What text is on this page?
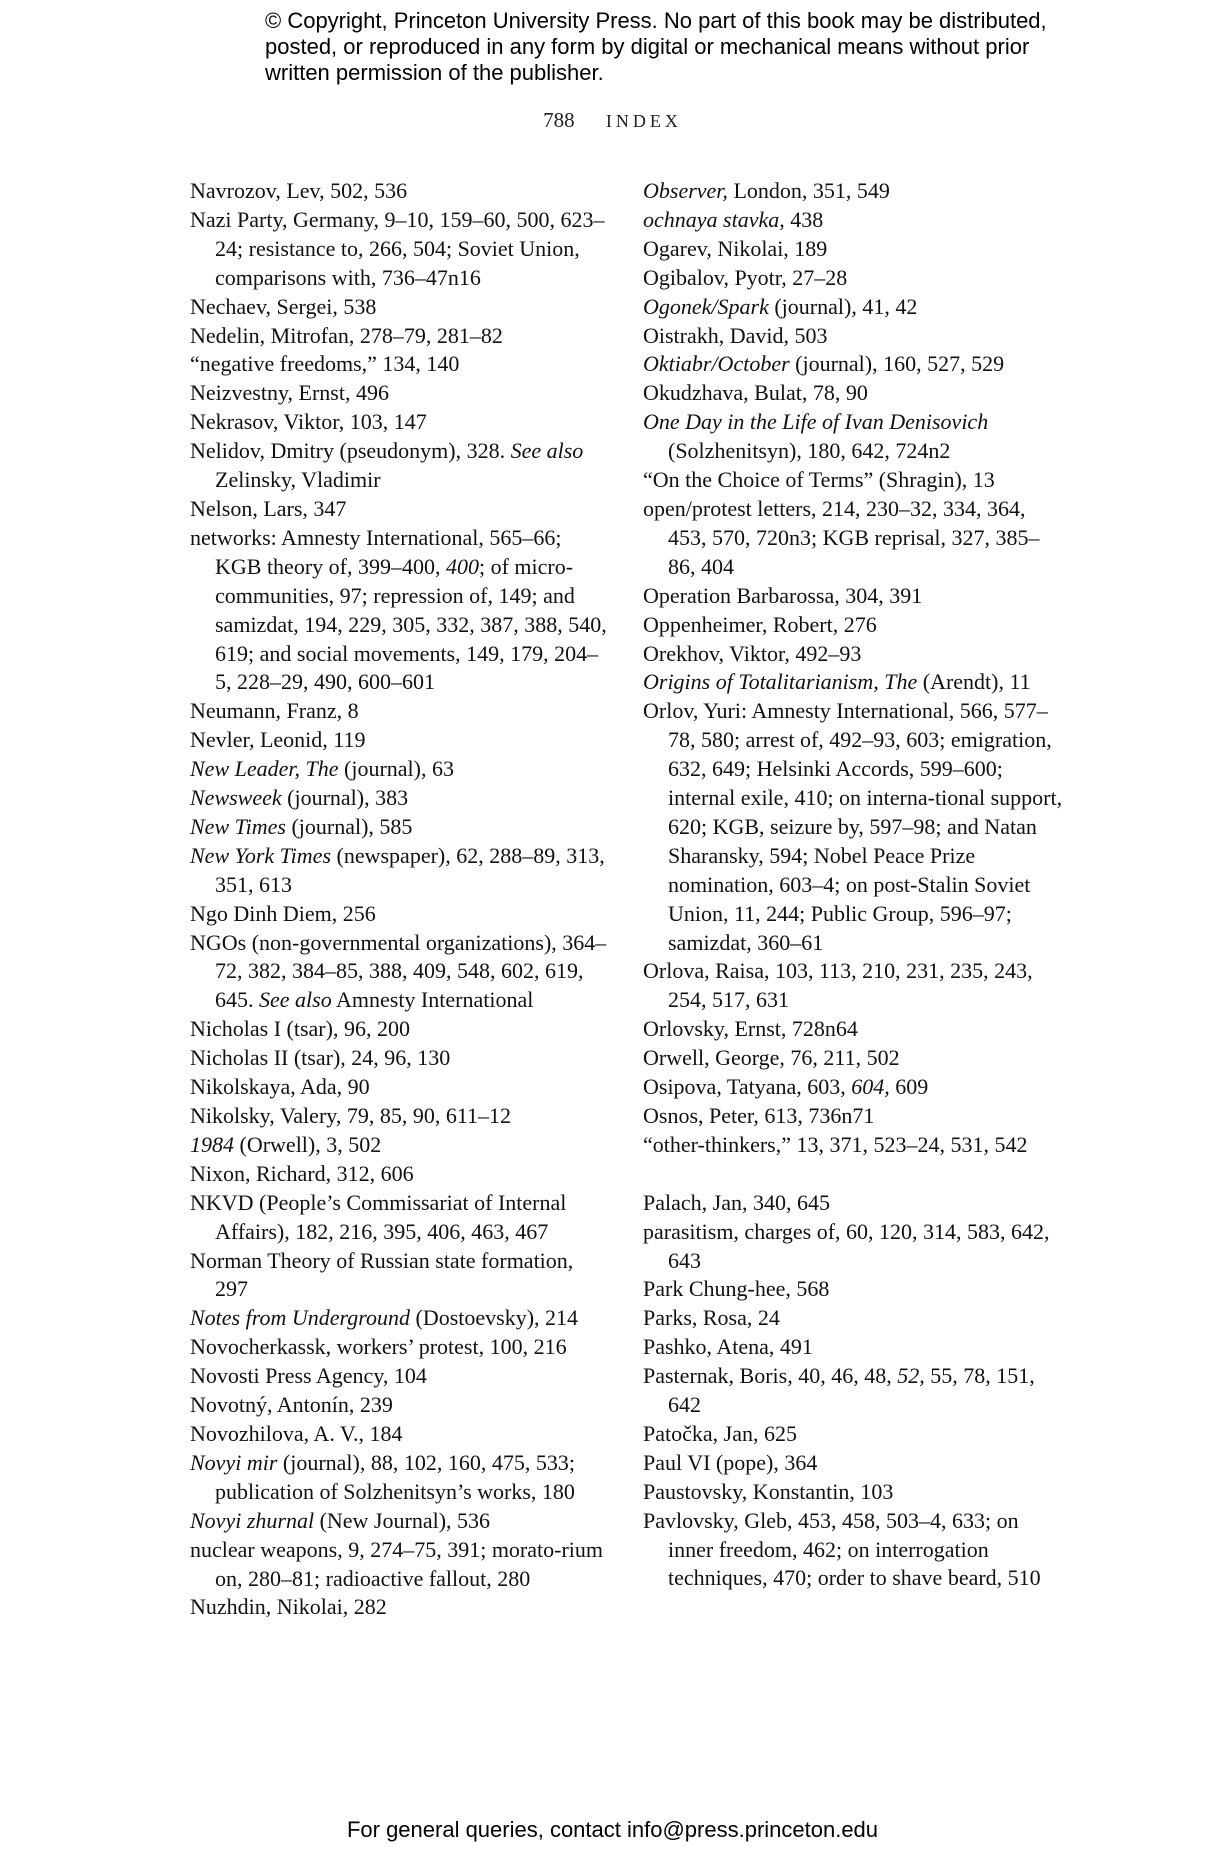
© Copyright, Princeton University Press. No part of this book may be distributed, posted, or reproduced in any form by digital or mechanical means without prior written permission of the publisher.
788 INDEX

Navrozov, Lev, 502, 536

Nazi Party, Germany, 9–10, 159–60, 500, 623–24; resistance to, 266, 504; Soviet Union, comparisons with, 736–47n16

Nechaev, Sergei, 538

Nedelin, Mitrofan, 278–79, 281–82

“negative freedoms,” 134, 140

Neizvestny, Ernst, 496

Nekrasov, Viktor, 103, 147

Nelidov, Dmitry (pseudonym), 328. See also Zelinsky, Vladimir

Nelson, Lars, 347

networks: Amnesty International, 565–66; KGB theory of, 399–400, 400; of micro-communities, 97; repression of, 149; and samizdat, 194, 229, 305, 332, 387, 388, 540, 619; and social movements, 149, 179, 204–5, 228–29, 490, 600–601

Neumann, Franz, 8

Nevler, Leonid, 119

New Leader, The (journal), 63

Newsweek (journal), 383

New Times (journal), 585

New York Times (newspaper), 62, 288–89, 313, 351, 613

Ngo Dinh Diem, 256

NGOs (non-governmental organizations), 364–72, 382, 384–85, 388, 409, 548, 602, 619, 645. See also Amnesty International

Nicholas I (tsar), 96, 200

Nicholas II (tsar), 24, 96, 130

Nikolskaya, Ada, 90

Nikolsky, Valery, 79, 85, 90, 611–12

1984 (Orwell), 3, 502

Nixon, Richard, 312, 606

NKVD (People’s Commissariat of Internal Affairs), 182, 216, 395, 406, 463, 467

Norman Theory of Russian state formation, 297

Notes from Underground (Dostoevsky), 214

Novocherkassk, workers’ protest, 100, 216

Novosti Press Agency, 104

Novotný, Antonín, 239

Novozhilova, A. V., 184

Novyi mir (journal), 88, 102, 160, 475, 533; publication of Solzhenitsyn’s works, 180

Novyi zhurnal (New Journal), 536

nuclear weapons, 9, 274–75, 391; morato-rium on, 280–81; radioactive fallout, 280

Nuzhdin, Nikolai, 282

Observer, London, 351, 549

ochnaya stavka, 438

Ogarev, Nikolai, 189

Ogibalov, Pyotr, 27–28

Ogonek/Spark (journal), 41, 42

Oistrakh, David, 503

Oktiabr/October (journal), 160, 527, 529

Okudzhava, Bulat, 78, 90

One Day in the Life of Ivan Denisovich (Solzhenitsyn), 180, 642, 724n2

“On the Choice of Terms” (Shragin), 13

open/protest letters, 214, 230–32, 334, 364, 453, 570, 720n3; KGB reprisal, 327, 385–86, 404

Operation Barbarossa, 304, 391

Oppenheimer, Robert, 276

Orekhov, Viktor, 492–93

Origins of Totalitarianism, The (Arendt), 11

Orlov, Yuri: Amnesty International, 566, 577–78, 580; arrest of, 492–93, 603; emigration, 632, 649; Helsinki Accords, 599–600; internal exile, 410; on interna-tional support, 620; KGB, seizure by, 597–98; and Natan Sharansky, 594; Nobel Peace Prize nomination, 603–4; on post-Stalin Soviet Union, 11, 244; Public Group, 596–97; samizdat, 360–61

Orlova, Raisa, 103, 113, 210, 231, 235, 243, 254, 517, 631

Orlovsky, Ernst, 728n64

Orwell, George, 76, 211, 502

Osipova, Tatyana, 603, 604, 609

Osnos, Peter, 613, 736n71

“other-thinkers,” 13, 371, 523–24, 531, 542

Palach, Jan, 340, 645

parasitism, charges of, 60, 120, 314, 583, 642, 643

Park Chung-hee, 568

Parks, Rosa, 24

Pashko, Atena, 491

Pasternak, Boris, 40, 46, 48, 52, 55, 78, 151, 642

Patočka, Jan, 625

Paul VI (pope), 364

Paustovsky, Konstantin, 103

Pavlovsky, Gleb, 453, 458, 503–4, 633; on inner freedom, 462; on interrogation techniques, 470; order to shave beard, 510

For general queries, contact info@press.princeton.edu
